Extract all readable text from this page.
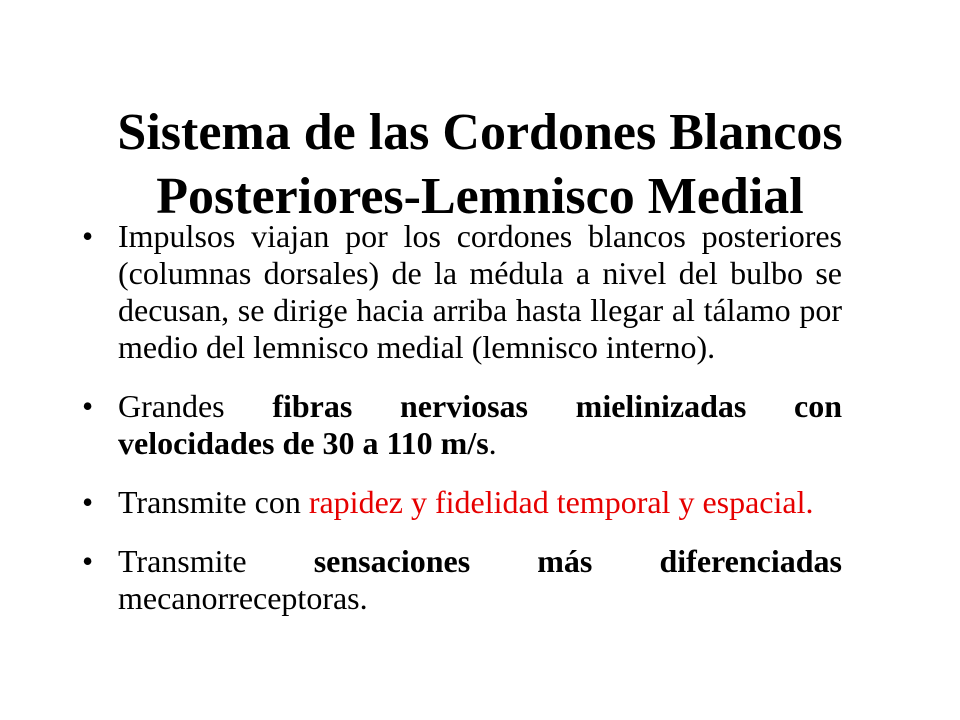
Sistema de las Cordones Blancos
Posteriores-Lemnisco Medial
• Impulsos viajan por los cordones blancos posteriores (columnas dorsales) de la médula a nivel del bulbo se decusan, se dirige hacia arriba hasta llegar al tálamo por medio del lemnisco medial (lemnisco interno).
• Grandes fibras nerviosas mielinizadas con velocidades de 30 a 110 m/s.
• Transmite con rapidez y fidelidad temporal y espacial.
• Transmite sensaciones más diferenciadas mecanorreceptoras.
